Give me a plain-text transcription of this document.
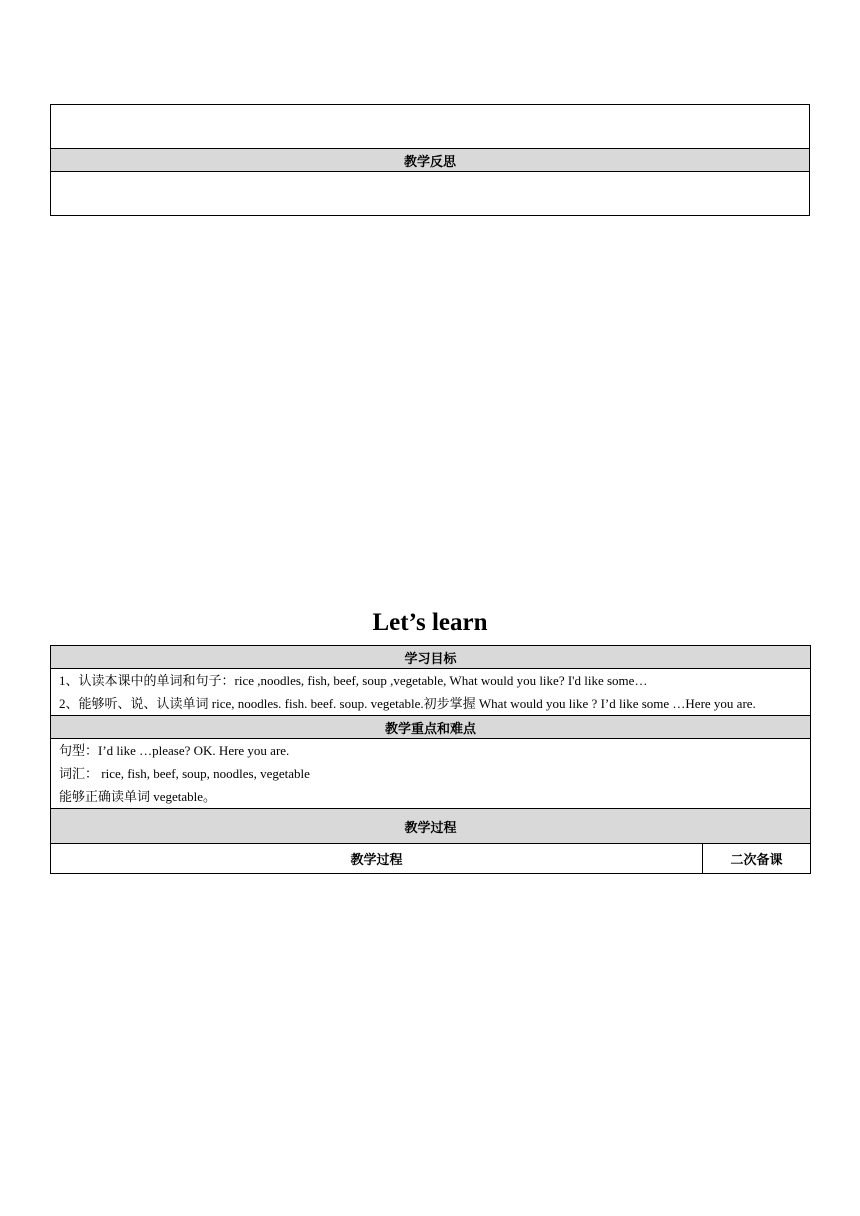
教学反思

Let’s learn
学习目标

1、认读本课中的单词和句子：rice ,noodles, fish, beef, soup ,vegetable, What would you like? I'd like some…

2、能够听、说、认读单词 rice, noodles. fish. beef. soup. vegetable.初步掌握 What would you like ? I’d like some …Here you are.

教学重点和难点

句型：I’d like …please? OK. Here you are.

词汇： rice, fish, beef, soup, noodles, vegetable

能够正确读单词 vegetable。

教学过程
教学过程	二次备课
